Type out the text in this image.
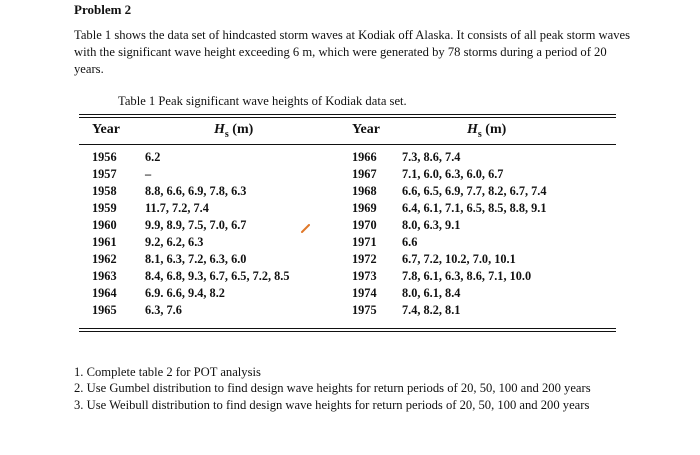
Problem 2
Table 1 shows the data set of hindcasted storm waves at Kodiak off Alaska. It consists of all peak storm waves with the significant wave height exceeding 6 m, which were generated by 78 storms during a period of 20 years.
Table 1 Peak significant wave heights of Kodiak data set.
Year	$H_s$ (m)	Year	$H_s$ (m)
1956 6.2	1966 7.3, 8.6, 7.4
1957 –	1967 7.1, 6.0, 6.3, 6.0, 6.7
1958 8.8, 6.6, 6.9, 7.8, 6.3	1968 6.6, 6.5, 6.9, 7.7, 8.2, 6.7, 7.4
1959 11.7, 7.2, 7.4	1969 6.4, 6.1, 7.1, 6.5, 8.5, 8.8, 9.1
1960 9.9, 8.9, 7.5, 7.0, 6.7	1970 8.0, 6.3, 9.1
1961 9.2, 6.2, 6.3	1971 6.6
1962 8.1, 6.3, 7.2, 6.3, 6.0	1972 6.7, 7.2, 10.2, 7.0, 10.1
1963 8.4, 6.8, 9.3, 6.7, 6.5, 7.2, 8.5	1973 7.8, 6.1, 6.3, 8.6, 7.1, 10.0
1964 6.9. 6.6, 9.4, 8.2	1974 8.0, 6.1, 8.4
1965 6.3, 7.6	1975 7.4, 8.2, 8.1

1. Complete table 2 for POT analysis

2. Use Gumbel distribution to find design wave heights for return periods of 20, 50, 100 and 200 years

3. Use Weibull distribution to find design wave heights for return periods of 20, 50, 100 and 200 years
